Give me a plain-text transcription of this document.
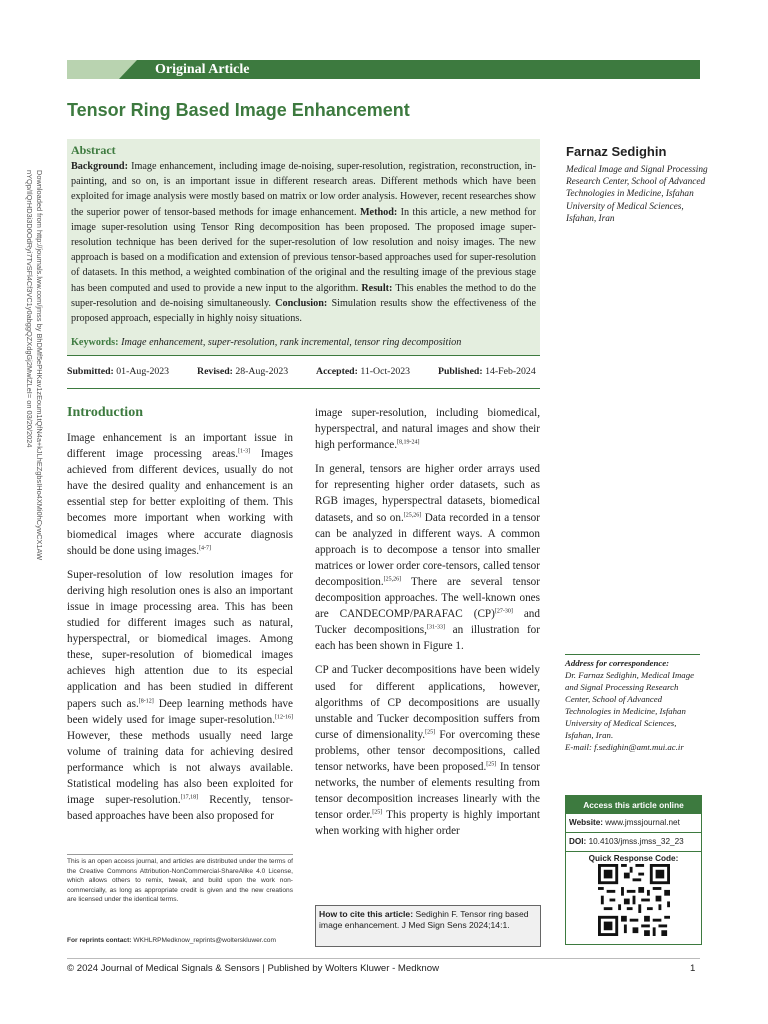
Original Article
Tensor Ring Based Image Enhancement
Downloaded from http://journals.lww.com/jmss by BhDMf5ePHKav1zEoum1tQfN4a+kJLhEZgbsIHo4XMi0hCywCX1AW nYQp/IlQrHD3i3D0OdRyi7TvSFl4Cf3VC1y0abggQZXdgGj2MwlZLeI= on 03/20/2024
Abstract
Background: Image enhancement, including image de-noising, super-resolution, registration, reconstruction, in-painting, and so on, is an important issue in different research areas. Different methods which have been exploited for image analysis were mostly based on matrix or low order analysis. However, recent researches show the superior power of tensor-based methods for image enhancement. Method: In this article, a new method for image super-resolution using Tensor Ring decomposition has been proposed. The proposed image super-resolution technique has been derived for the super-resolution of low resolution and noisy images. The new approach is based on a modification and extension of previous tensor-based approaches used for super-resolution of datasets. In this method, a weighted combination of the original and the resulting image of the previous stage has been computed and used to provide a new input to the algorithm. Result: This enables the method to do the super-resolution and de-noising simultaneously. Conclusion: Simulation results show the effectiveness of the proposed approach, especially in highly noisy situations.
Keywords: Image enhancement, super-resolution, rank incremental, tensor ring decomposition
Farnaz Sedighin
Medical Image and Signal Processing Research Center, School of Advanced Technologies in Medicine, Isfahan University of Medical Sciences, Isfahan, Iran
Submitted: 01-Aug-2023	Revised: 28-Aug-2023	Accepted: 11-Oct-2023	Published: 14-Feb-2024
Introduction

Image enhancement is an important issue in different image processing areas.[1-3] Images achieved from different devices, usually do not have the desired quality and enhancement is an essential step for better exploiting of them. This becomes more important when working with biomedical images where accurate diagnosis should be done using images.[4-7]

Super-resolution of low resolution images for deriving high resolution ones is also an important issue in image processing area. This has been studied for different images such as natural, hyperspectral, or biomedical images. Among these, super-resolution of biomedical images achieves high attention due to its especial application and has been studied in different papers such as.[8-12] Deep learning methods have been widely used for image super-resolution.[12-16] However, these methods usually need large volume of training data for achieving desired performance which is not always available. Statistical modeling has also been exploited for image super-resolution.[17,18] Recently, tensor-based approaches have been also proposed for

image super-resolution, including biomedical, hyperspectral, and natural images and show their high performance.[8,19-24]

In general, tensors are higher order arrays used for representing higher order datasets, such as RGB images, hyperspectral datasets, biomedical datasets, and so on.[25,26] Data recorded in a tensor can be analyzed in different ways. A common approach is to decompose a tensor into smaller matrices or lower order core-tensors, called tensor decomposition.[25,26] There are several tensor decomposition approaches. The well-known ones are CANDECOMP/PARAFAC (CP)[27-30] and Tucker decompositions,[31-33] an illustration for each has been shown in Figure 1.

CP and Tucker decompositions have been widely used for different applications, however, algorithms of CP decompositions are usually unstable and Tucker decomposition suffers from curse of dimensionality.[25] For overcoming these problems, other tensor decompositions, called tensor networks, have been proposed.[25] In tensor networks, the number of elements resulting from tensor decomposition increases linearly with the tensor order.[25] This property is highly important when working with higher order

This is an open access journal, and articles are distributed under the terms of the Creative Commons Attribution-NonCommercial-ShareAlike 4.0 License, which allows others to remix, tweak, and build upon the work non-commercially, as long as appropriate credit is given and the new creations are licensed under the identical terms.
For reprints contact: WKHLRPMedknow_reprints@wolterskluwer.com
How to cite this article: Sedighin F. Tensor ring based image enhancement. J Med Sign Sens 2024;14:1.
Address for correspondence:
Dr. Farnaz Sedighin, Medical Image and Signal Processing Research Center, School of Advanced Technologies in Medicine, Isfahan University of Medical Sciences, Isfahan, Iran.
E-mail: f.sedighin@amt.mui.ac.ir
Access this article online
Website: www.jmssjournal.net
DOI: 10.4103/jmss.jmss_32_23
Quick Response Code:
© 2024 Journal of Medical Signals & Sensors | Published by Wolters Kluwer - Medknow	1
